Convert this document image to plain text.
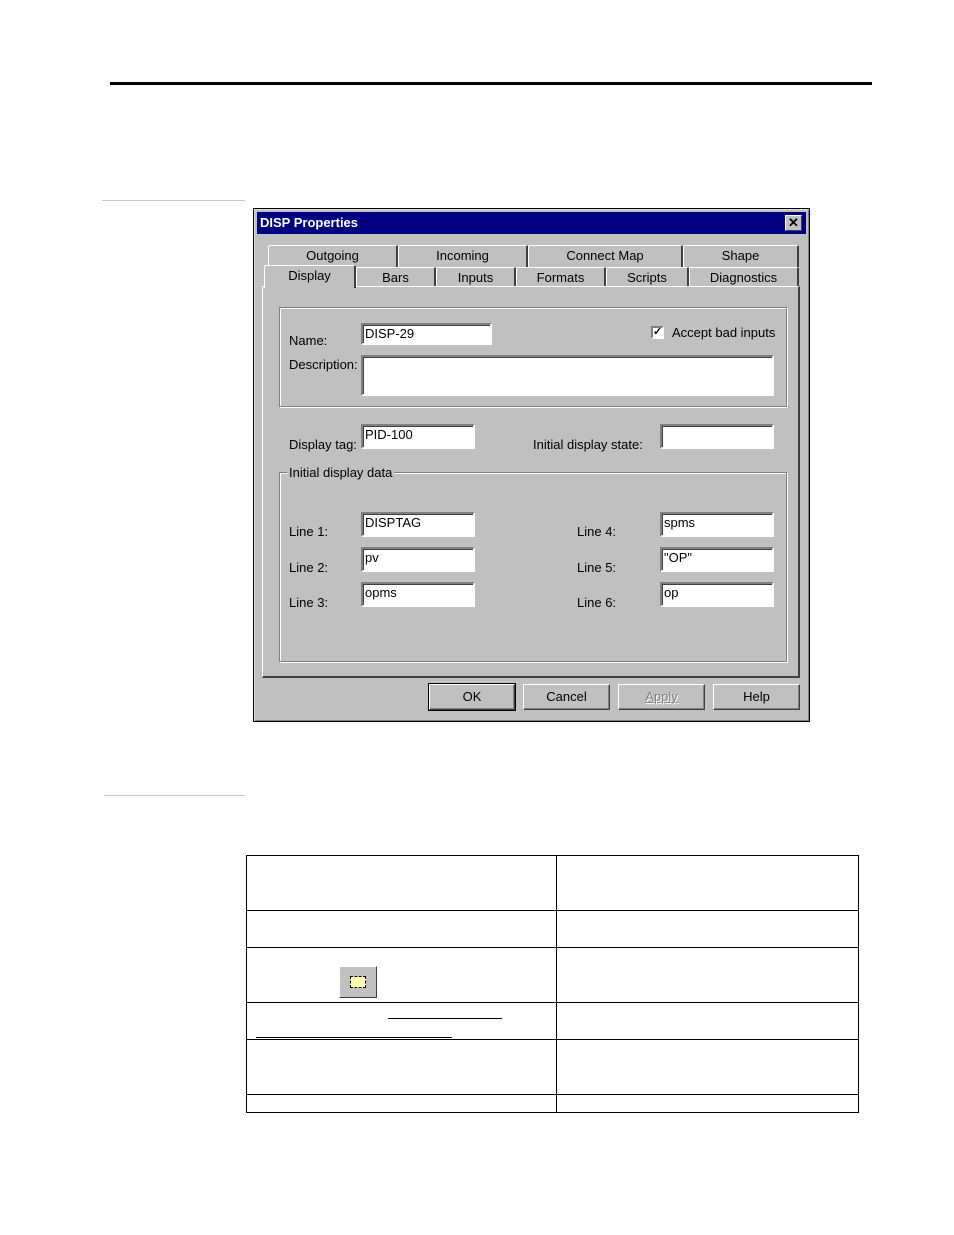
DISP Properties	✕
Outgoing	Incoming	Connect Map	Shape
Display	Bars	Inputs	Formats	Scripts	Diagnostics
Name:	DISP-29	✓ Accept bad inputs
Description:
Display tag:
PID-100
Initial display state:
Initial display data
Line 1:
DISPTAG
Line 2:
pv
Line 3:
opms
Line 4:
spms
Line 5:
"OP"
Line 6:
op
OK	Cancel	Apply	Help
